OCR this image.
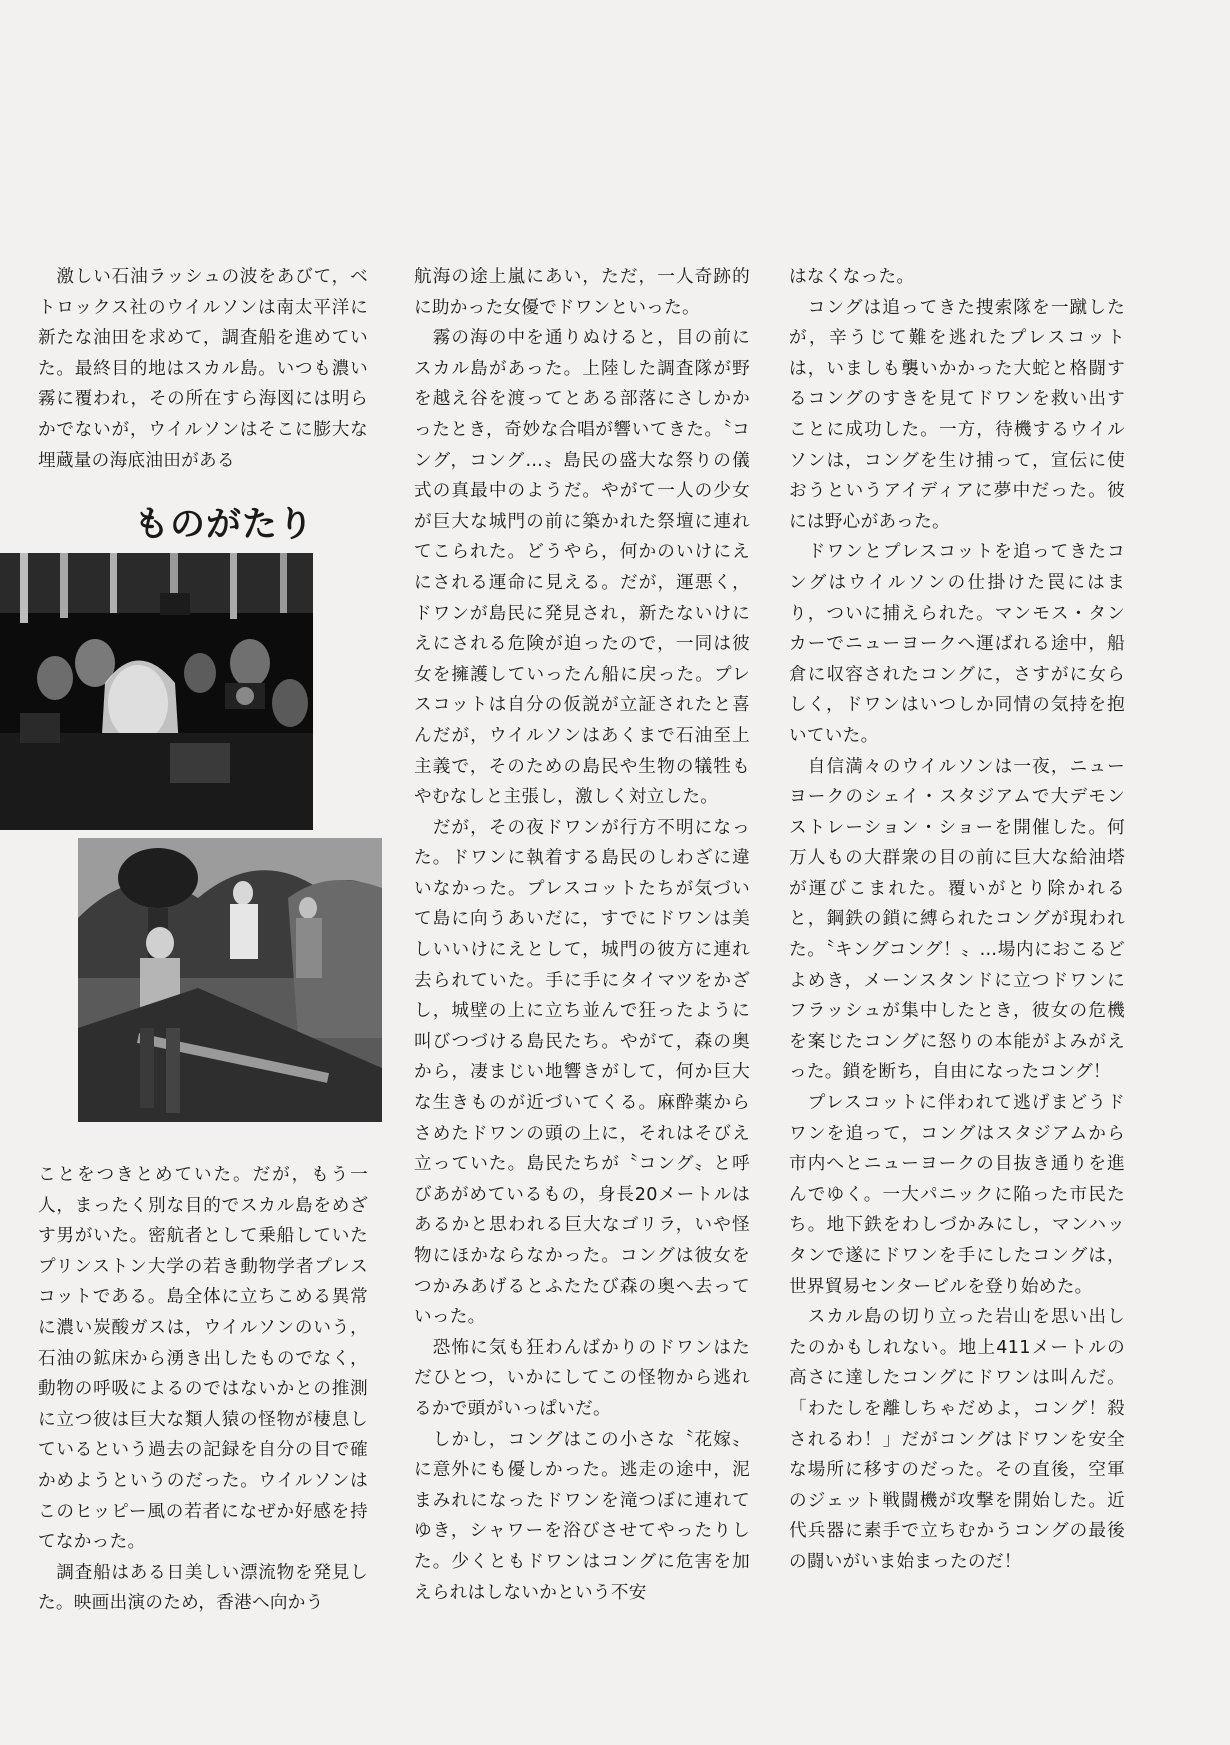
　激しい石油ラッシュの波をあびて，ベトロックス社のウイルソンは南太平洋に新たな油田を求めて，調査船を進めていた。最終目的地はスカル島。いつも濃い霧に覆われ，その所在すら海図には明らかでないが，ウイルソンはそこに膨大な埋蔵量の海底油田がある

ものがたり

ことをつきとめていた。だが，もう一人，まったく別な目的でスカル島をめざす男がいた。密航者として乗船していたプリンストン大学の若き動物学者プレスコットである。島全体に立ちこめる異常に濃い炭酸ガスは，ウイルソンのいう，石油の鉱床から湧き出したものでなく，動物の呼吸によるのではないかとの推測に立つ彼は巨大な類人猿の怪物が棲息しているという過去の記録を自分の目で確かめようというのだった。ウイルソンはこのヒッピー風の若者になぜか好感を持てなかった。

　調査船はある日美しい漂流物を発見した。映画出演のため，香港へ向かう

航海の途上嵐にあい，ただ，一人奇跡的に助かった女優でドワンといった。

　霧の海の中を通りぬけると，目の前にスカル島があった。上陸した調査隊が野を越え谷を渡ってとある部落にさしかかったとき，奇妙な合唱が響いてきた。〝コング，コング…〟島民の盛大な祭りの儀式の真最中のようだ。やがて一人の少女が巨大な城門の前に築かれた祭壇に連れてこられた。どうやら，何かのいけにえにされる運命に見える。だが，運悪く，ドワンが島民に発見され，新たないけにえにされる危険が迫ったので，一同は彼女を擁護していったん船に戻った。プレスコットは自分の仮説が立証されたと喜んだが，ウイルソンはあくまで石油至上主義で，そのための島民や生物の犠牲もやむなしと主張し，激しく対立した。

　だが，その夜ドワンが行方不明になった。ドワンに執着する島民のしわざに違いなかった。プレスコットたちが気づいて島に向うあいだに，すでにドワンは美しいいけにえとして，城門の彼方に連れ去られていた。手に手にタイマツをかざし，城壁の上に立ち並んで狂ったように叫びつづける島民たち。やがて，森の奥から，凄まじい地響きがして，何か巨大な生きものが近づいてくる。麻酔薬からさめたドワンの頭の上に，それはそびえ立っていた。島民たちが〝コング〟と呼びあがめているもの，身長20メートルはあるかと思われる巨大なゴリラ，いや怪物にほかならなかった。コングは彼女をつかみあげるとふたたび森の奥へ去っていった。

　恐怖に気も狂わんばかりのドワンはただひとつ，いかにしてこの怪物から逃れるかで頭がいっぱいだ。

　しかし，コングはこの小さな〝花嫁〟に意外にも優しかった。逃走の途中，泥まみれになったドワンを滝つぼに連れてゆき，シャワーを浴びさせてやったりした。少くともドワンはコングに危害を加えられはしないかという不安

はなくなった。

　コングは追ってきた捜索隊を一蹴したが，辛うじて難を逃れたプレスコットは，いましも襲いかかった大蛇と格闘するコングのすきを見てドワンを救い出すことに成功した。一方，待機するウイルソンは，コングを生け捕って，宣伝に使おうというアイディアに夢中だった。彼には野心があった。

　ドワンとプレスコットを追ってきたコングはウイルソンの仕掛けた罠にはまり，ついに捕えられた。マンモス・タンカーでニューヨークへ運ばれる途中，船倉に収容されたコングに，さすがに女らしく，ドワンはいつしか同情の気持を抱いていた。

　自信満々のウイルソンは一夜，ニューヨークのシェイ・スタジアムで大デモンストレーション・ショーを開催した。何万人もの大群衆の目の前に巨大な給油塔が運びこまれた。覆いがとり除かれると，鋼鉄の鎖に縛られたコングが現われた。〝キングコング！〟…場内におこるどよめき，メーンスタンドに立つドワンにフラッシュが集中したとき，彼女の危機を案じたコングに怒りの本能がよみがえった。鎖を断ち，自由になったコング！

　プレスコットに伴われて逃げまどうドワンを追って，コングはスタジアムから市内へとニューヨークの目抜き通りを進んでゆく。一大パニックに陥った市民たち。地下鉄をわしづかみにし，マンハッタンで遂にドワンを手にしたコングは，世界貿易センタービルを登り始めた。

　スカル島の切り立った岩山を思い出したのかもしれない。地上411メートルの高さに達したコングにドワンは叫んだ。「わたしを離しちゃだめよ，コング！殺されるわ！」だがコングはドワンを安全な場所に移すのだった。その直後，空軍のジェット戦闘機が攻撃を開始した。近代兵器に素手で立ちむかうコングの最後の闘いがいま始まったのだ！
